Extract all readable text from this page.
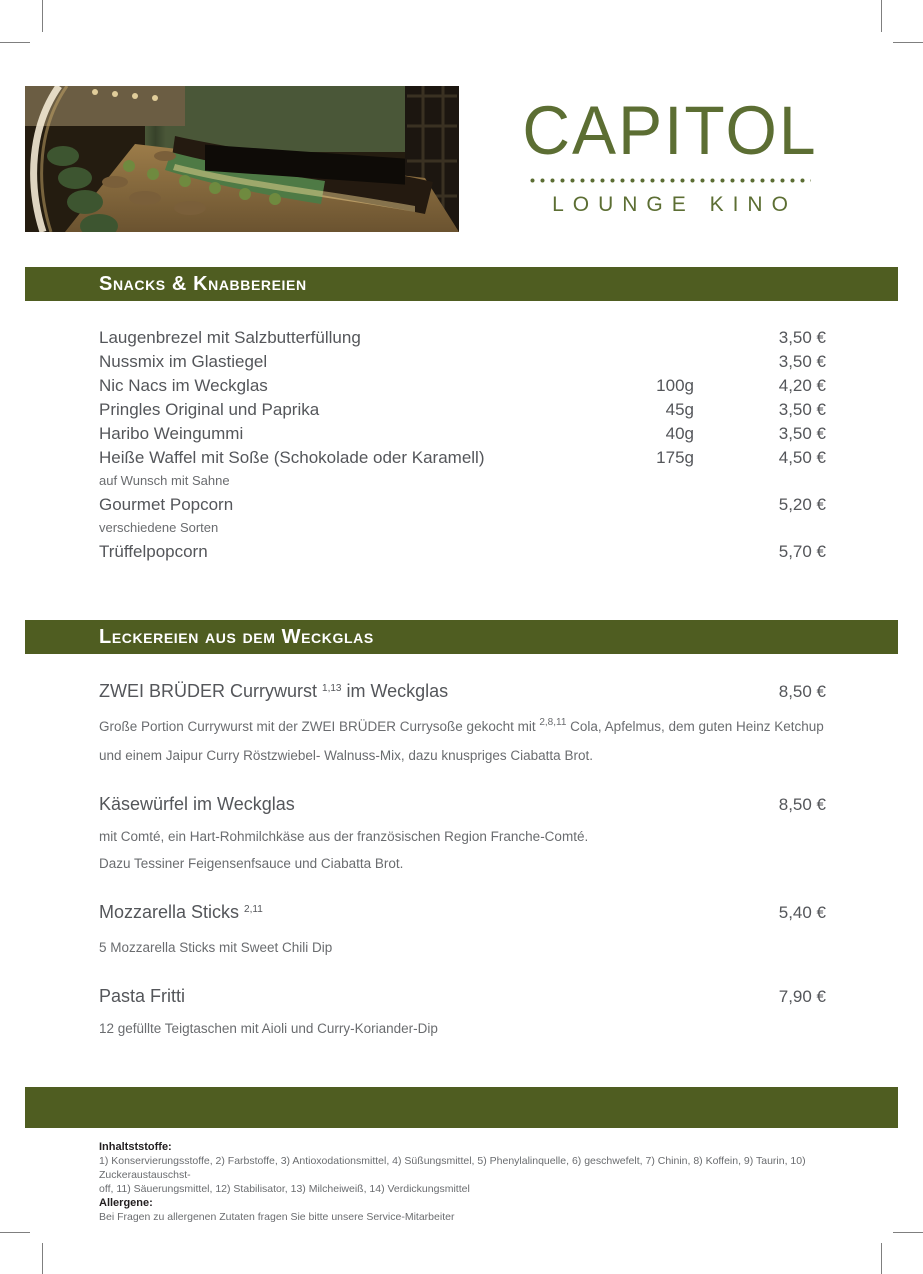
CAPITOL
LOUNGE KINO
Snacks & Knabbereien
Laugenbrezel mit Salzbutterfüllung	3,50 €
Nussmix im Glastiegel	3,50 €
Nic Nacs im Weckglas	100g	4,20 €
Pringles Original und Paprika	45g	3,50 €
Haribo Weingummi	40g	3,50 €
Heiße Waffel mit Soße (Schokolade oder Karamell)	175g	4,50 €
auf Wunsch mit Sahne
Gourmet Popcorn	5,20 €
verschiedene Sorten
Trüffelpopcorn	5,70 €
Leckereien aus dem Weckglas
ZWEI BRÜDER Currywurst $^{1,13}$ im Weckglas	8,50 €
Große Portion Currywurst mit der ZWEI BRÜDER Currysoße gekocht mit $^{2,8,11}$ Cola, Apfelmus, dem guten Heinz Ketchup und einem Jaipur Curry Röstzwiebel- Walnuss-Mix, dazu knuspriges Ciabatta Brot.
Käsewürfel im Weckglas	8,50 €
mit Comté, ein Hart-Rohmilchkäse aus der französischen Region Franche-Comté.
Dazu Tessiner Feigensenfsauce und Ciabatta Brot.
Mozzarella Sticks $^{2,11}$	5,40 €
5 Mozzarella Sticks mit Sweet Chili Dip
Pasta Fritti	7,90 €
12 gefüllte Teigtaschen mit Aioli und Curry-Koriander-Dip
Inhaltststoffe:
1) Konservierungsstoffe, 2) Farbstoffe, 3) Antioxodationsmittel, 4) Süßungsmittel, 5) Phenylalinquelle, 6) geschwefelt, 7) Chinin, 8) Koffein, 9) Taurin, 10) Zuckeraustauschst-
off, 11) Säuerungsmittel, 12) Stabilisator, 13) Milcheiweiß, 14) Verdickungsmittel
Allergene:
Bei Fragen zu allergenen Zutaten fragen Sie bitte unsere Service-Mitarbeiter
